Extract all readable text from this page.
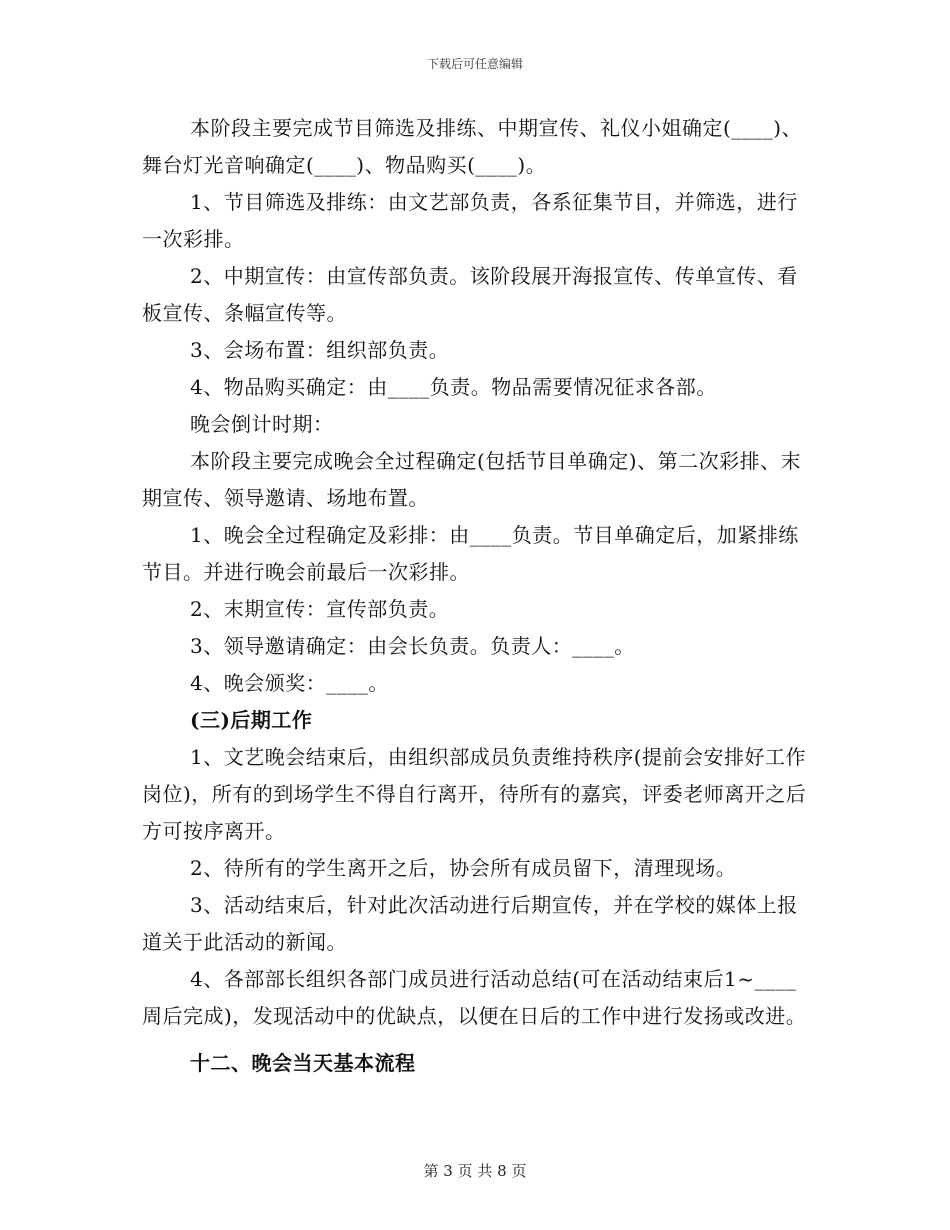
下载后可任意编辑

本阶段主要完成节目筛选及排练、中期宣传、礼仪小姐确定(____)、舞台灯光音响确定(____)、物品购买(____)。

1、节目筛选及排练：由文艺部负责，各系征集节目，并筛选，进行一次彩排。

2、中期宣传：由宣传部负责。该阶段展开海报宣传、传单宣传、看板宣传、条幅宣传等。

3、会场布置：组织部负责。

4、物品购买确定：由____负责。物品需要情况征求各部。

晚会倒计时期：

本阶段主要完成晚会全过程确定(包括节目单确定)、第二次彩排、末期宣传、领导邀请、场地布置。

1、晚会全过程确定及彩排：由____负责。节目单确定后，加紧排练节目。并进行晚会前最后一次彩排。

2、末期宣传：宣传部负责。

3、领导邀请确定：由会长负责。负责人：____。

4、晚会颁奖：____。

(三)后期工作

1、文艺晚会结束后，由组织部成员负责维持秩序(提前会安排好工作岗位)，所有的到场学生不得自行离开，待所有的嘉宾，评委老师离开之后方可按序离开。

2、待所有的学生离开之后，协会所有成员留下，清理现场。

3、活动结束后，针对此次活动进行后期宣传，并在学校的媒体上报道关于此活动的新闻。

4、各部部长组织各部门成员进行活动总结(可在活动结束后1~____周后完成)，发现活动中的优缺点，以便在日后的工作中进行发扬或改进。

十二、晚会当天基本流程

第 3 页 共 8 页
